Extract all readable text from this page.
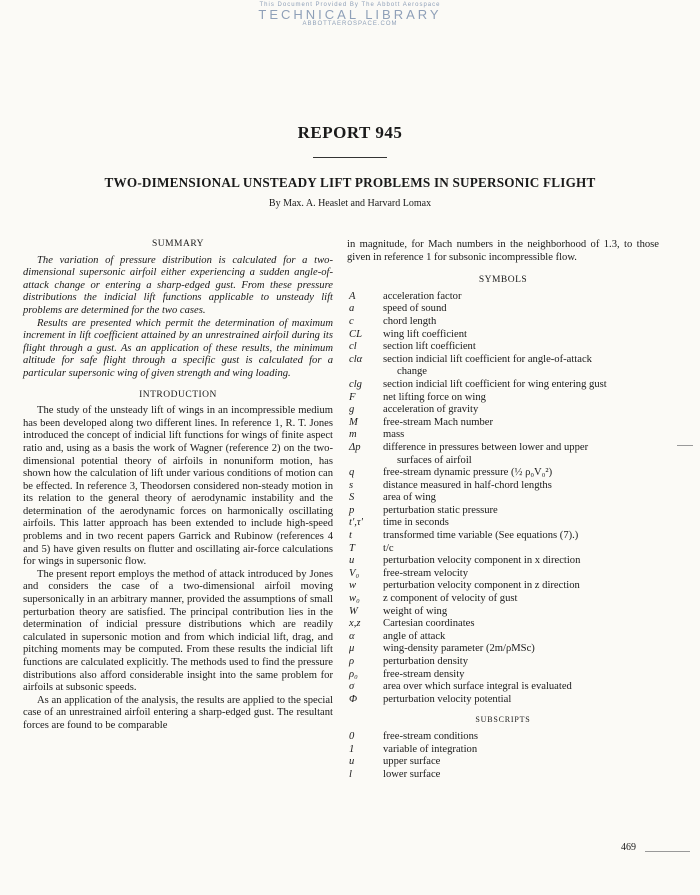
This Document Provided By The Abbott Aerospace
TECHNICAL LIBRARY
ABBOTTAEROSPACE.COM
REPORT 945
TWO-DIMENSIONAL UNSTEADY LIFT PROBLEMS IN SUPERSONIC FLIGHT
By Max. A. Heaslet and Harvard Lomax
SUMMARY

The variation of pressure distribution is calculated for a two-dimensional supersonic airfoil either experiencing a sudden angle-of-attack change or entering a sharp-edged gust. From these pressure distributions the indicial lift functions applicable to unsteady lift problems are determined for the two cases.

Results are presented which permit the determination of maximum increment in lift coefficient attained by an unrestrained airfoil during its flight through a gust. As an application of these results, the minimum altitude for safe flight through a specific gust is calculated for a particular supersonic wing of given strength and wing loading.

INTRODUCTION

The study of the unsteady lift of wings in an incompressible medium has been developed along two different lines. In reference 1, R. T. Jones introduced the concept of indicial lift functions for wings of finite aspect ratio and, using as a basis the work of Wagner (reference 2) on the two-dimensional potential theory of airfoils in nonuniform motion, has shown how the calculation of lift under various conditions of motion can be effected. In reference 3, Theodorsen considered non-steady motion in its relation to the general theory of aerodynamic instability and the determination of the aerodynamic forces on harmonically oscillating airfoils. This latter approach has been extended to include high-speed problems and in two recent papers Garrick and Rubinow (references 4 and 5) have given results on flutter and oscillating air-force calculations for wings in supersonic flow.

The present report employs the method of attack introduced by Jones and considers the case of a two-dimensional airfoil moving supersonically in an arbitrary manner, provided the assumptions of small perturbation theory are satisfied. The principal contribution lies in the determination of indicial pressure distributions which are readily calculated in supersonic motion and from which indicial lift, drag, and pitching moments may be computed. From these results the indicial lift functions are calculated explicitly. The methods used to find the pressure distributions also afford considerable insight into the same problem for airfoils at subsonic speeds.

As an application of the analysis, the results are applied to the special case of an unrestrained airfoil entering a sharp-edged gust. The resultant forces are found to be comparable

in magnitude, for Mach numbers in the neighborhood of 1.3, to those given in reference 1 for subsonic incompressible flow.

SYMBOLS
A	acceleration factor
a	speed of sound
c	chord length
CL	wing lift coefficient
cl	section lift coefficient
clα	section indicial lift coefficient for angle-of-attack
change
clg	section indicial lift coefficient for wing entering gust
F	net lifting force on wing
g	acceleration of gravity
M	free-stream Mach number
m	mass
Δp	difference in pressures between lower and upper
surfaces of airfoil
q	free-stream dynamic pressure (½ ρ₀V₀²)
s	distance measured in half-chord lengths
S	area of wing
p	perturbation static pressure
t',τ'	time in seconds
t	transformed time variable (See equations (7).)
T	t/c
u	perturbation velocity component in x direction
V₀	free-stream velocity
w	perturbation velocity component in z direction
w₀	z component of velocity of gust
W	weight of wing
x,z	Cartesian coordinates
α	angle of attack
μ	wing-density parameter (2m/ρMSc)
ρ	perturbation density
ρ₀	free-stream density
σ	area over which surface integral is evaluated
Φ	perturbation velocity potential
SUBSCRIPTS
0	free-stream conditions
1	variable of integration
u	upper surface
l	lower surface
469
